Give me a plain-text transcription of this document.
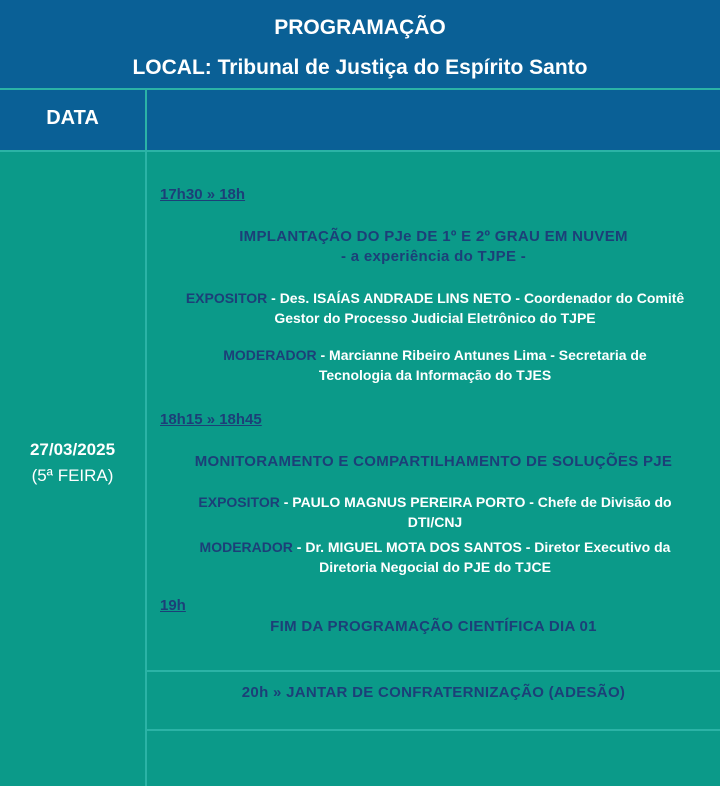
PROGRAMAÇÃO
LOCAL: Tribunal de Justiça do Espírito Santo
DATA
27/03/2025
(5ª FEIRA)
17h30 » 18h
IMPLANTAÇÃO DO PJe DE 1º E 2º GRAU EM NUVEM
- a experiência do TJPE -
EXPOSITOR - Des. ISAÍAS ANDRADE LINS NETO - Coordenador do Comitê
Gestor do Processo Judicial Eletrônico do TJPE
MODERADOR - Marcianne Ribeiro Antunes Lima - Secretaria de
Tecnologia da Informação do TJES
18h15 » 18h45
MONITORAMENTO E COMPARTILHAMENTO DE SOLUÇÕES PJE
EXPOSITOR - PAULO MAGNUS PEREIRA PORTO - Chefe de Divisão do
DTI/CNJ
MODERADOR - Dr. MIGUEL MOTA DOS SANTOS - Diretor Executivo da
Diretoria Negocial do PJE do TJCE
19h
FIM DA PROGRAMAÇÃO CIENTÍFICA DIA 01
20h » JANTAR DE CONFRATERNIZAÇÃO (ADESÃO)
